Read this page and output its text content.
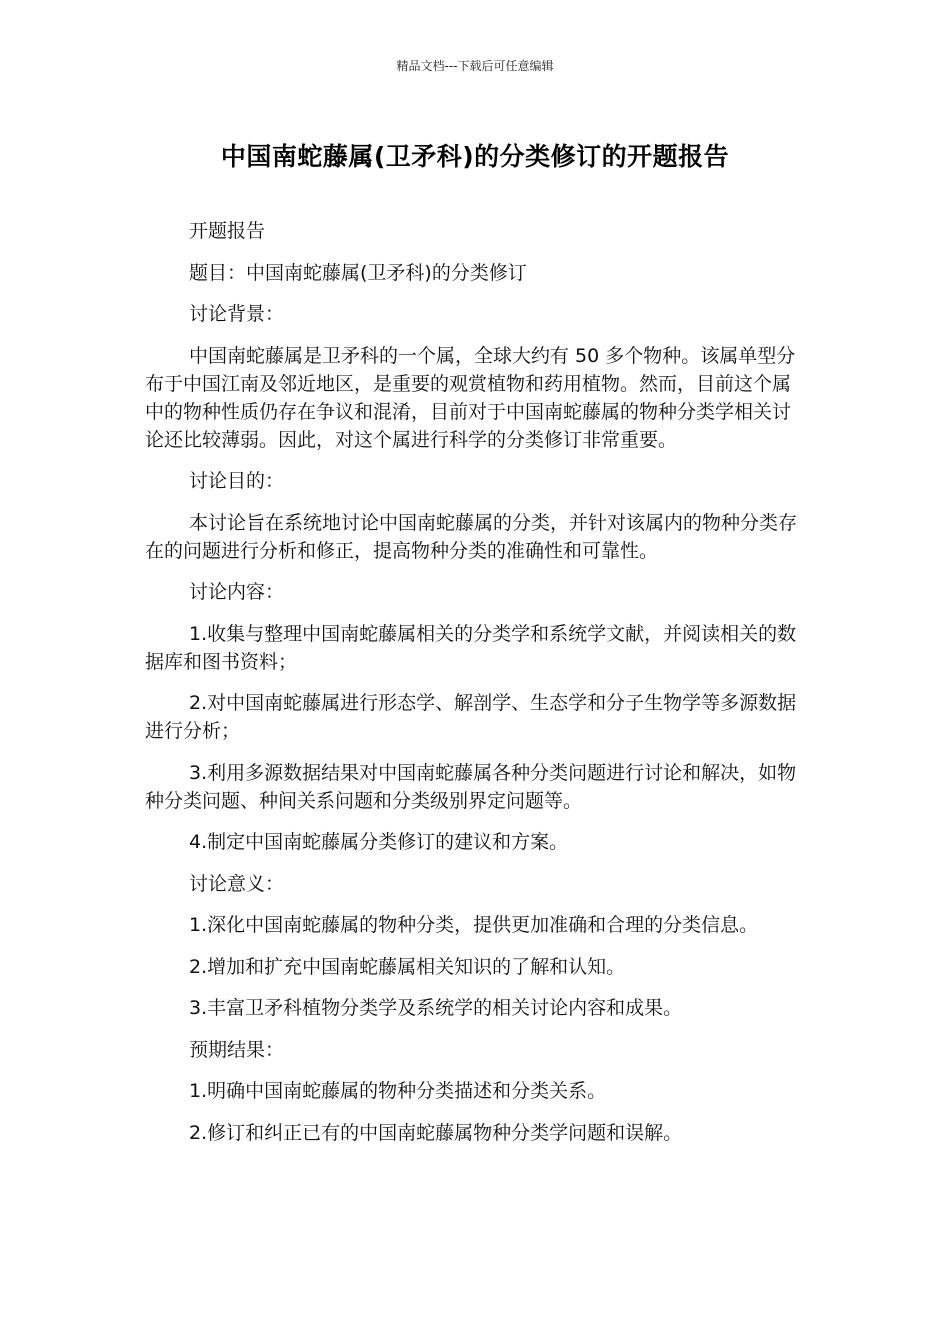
精品文档---下载后可任意编辑
中国南蛇藤属(卫矛科)的分类修订的开题报告

开题报告

题目：中国南蛇藤属(卫矛科)的分类修订

讨论背景：

中国南蛇藤属是卫矛科的一个属，全球大约有 50 多个物种。该属单型分布于中国江南及邻近地区，是重要的观赏植物和药用植物。然而，目前这个属中的物种性质仍存在争议和混淆，目前对于中国南蛇藤属的物种分类学相关讨论还比较薄弱。因此，对这个属进行科学的分类修订非常重要。

讨论目的：

本讨论旨在系统地讨论中国南蛇藤属的分类，并针对该属内的物种分类存在的问题进行分析和修正，提高物种分类的准确性和可靠性。

讨论内容：

1.收集与整理中国南蛇藤属相关的分类学和系统学文献，并阅读相关的数据库和图书资料；

2.对中国南蛇藤属进行形态学、解剖学、生态学和分子生物学等多源数据进行分析；

3.利用多源数据结果对中国南蛇藤属各种分类问题进行讨论和解决，如物种分类问题、种间关系问题和分类级别界定问题等。

4.制定中国南蛇藤属分类修订的建议和方案。

讨论意义：

1.深化中国南蛇藤属的物种分类，提供更加准确和合理的分类信息。

2.增加和扩充中国南蛇藤属相关知识的了解和认知。

3.丰富卫矛科植物分类学及系统学的相关讨论内容和成果。

预期结果：

1.明确中国南蛇藤属的物种分类描述和分类关系。

2.修订和纠正已有的中国南蛇藤属物种分类学问题和误解。
